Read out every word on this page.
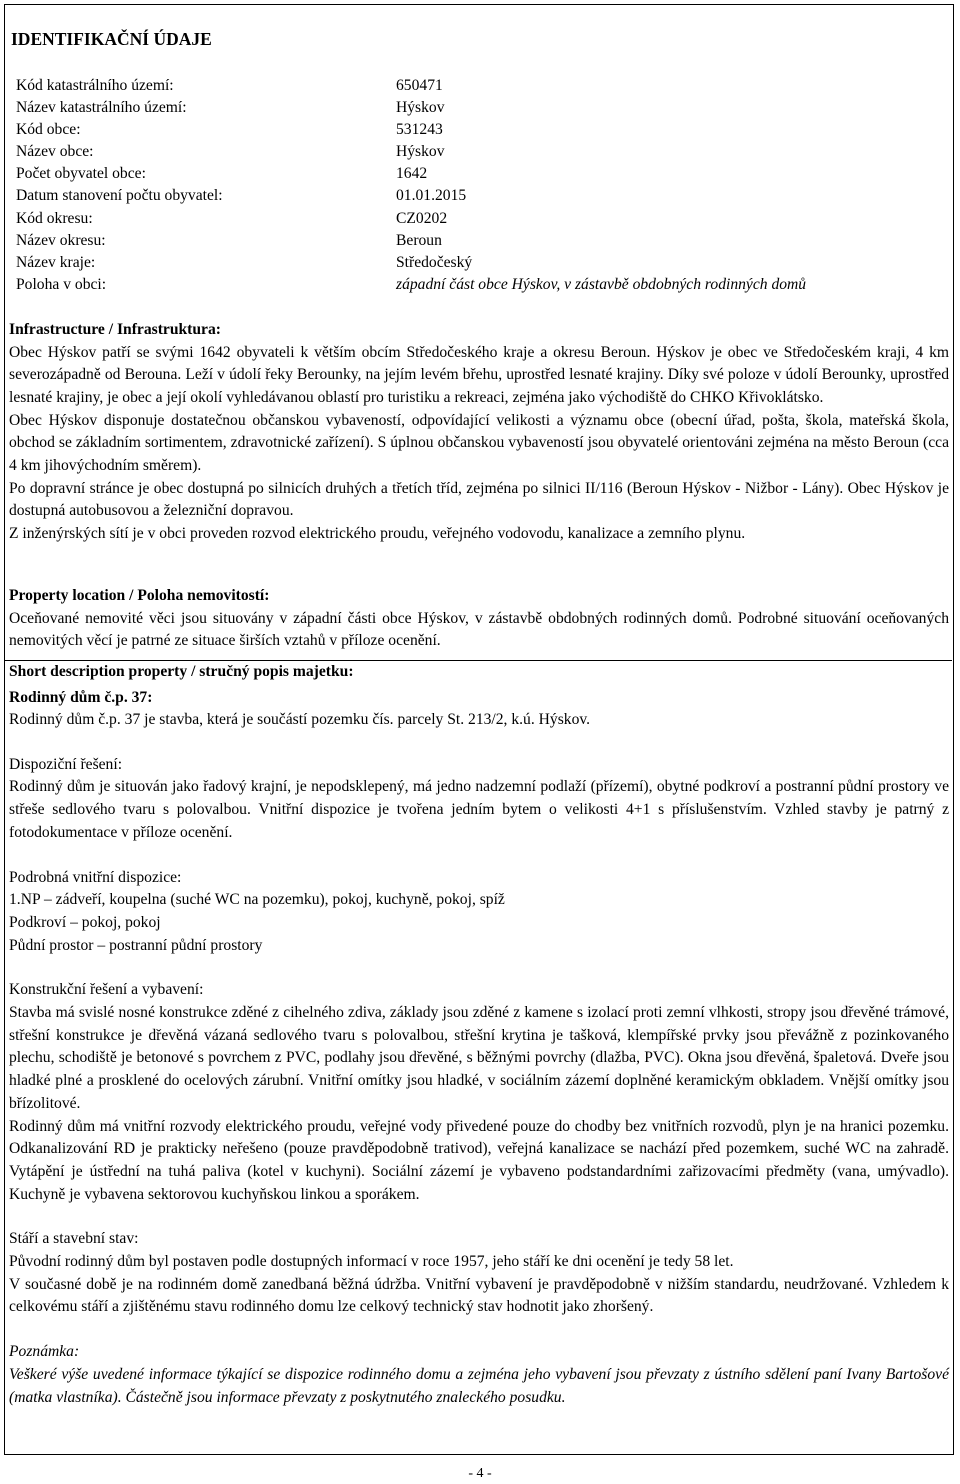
IDENTIFIKAČNÍ ÚDAJE
Kód katastrálního území:	650471
Název katastrálního území:	Hýskov
Kód obce:	531243
Název obce:	Hýskov
Počet obyvatel obce:	1642
Datum stanovení počtu obyvatel:	01.01.2015
Kód okresu:	CZ0202
Název okresu:	Beroun
Název kraje:	Středočeský
Poloha v obci:	západní část obce Hýskov, v zástavbě obdobných rodinných domů
Infrastructure / Infrastruktura:

Obec Hýskov patří se svými 1642 obyvateli k větším obcím Středočeského kraje a okresu Beroun. Hýskov je obec ve Středočeském kraji, 4 km severozápadně od Berouna. Leží v údolí řeky Berounky, na jejím levém břehu, uprostřed lesnaté krajiny. Díky své poloze v údolí Berounky, uprostřed lesnaté krajiny, je obec a její okolí vyhledávanou oblastí pro turistiku a rekreaci, zejména jako východiště do CHKO Křivoklátsko.

Obec Hýskov disponuje dostatečnou občanskou vybaveností, odpovídající velikosti a významu obce (obecní úřad, pošta, škola, mateřská škola, obchod se základním sortimentem, zdravotnické zařízení). S úplnou občanskou vybaveností jsou obyvatelé orientováni zejména na město Beroun (cca 4 km jihovýchodním směrem).

Po dopravní stránce je obec dostupná po silnicích druhých a třetích tříd, zejména po silnici II/116 (Beroun Hýskov - Nižbor - Lány). Obec Hýskov je dostupná autobusovou a železniční dopravou.

Z inženýrských sítí je v obci proveden rozvod elektrického proudu, veřejného vodovodu, kanalizace a zemního plynu.

Property location / Poloha nemovitostí:

Oceňované nemovité věci jsou situovány v západní části obce Hýskov, v zástavbě obdobných rodinných domů. Podrobné situování oceňovaných nemovitých věcí je patrné ze situace širších vztahů v příloze ocenění.

Short description property / stručný popis majetku:

Rodinný dům č.p. 37:

Rodinný dům č.p. 37 je stavba, která je součástí pozemku čís. parcely St. 213/2, k.ú. Hýskov.

Dispoziční řešení:

Rodinný dům je situován jako řadový krajní, je nepodsklepený, má jedno nadzemní podlaží (přízemí), obytné podkroví a postranní půdní prostory ve střeše sedlového tvaru s polovalbou. Vnitřní dispozice je tvořena jedním bytem o velikosti 4+1 s příslušenstvím. Vzhled stavby je patrný z fotodokumentace v příloze ocenění.

Podrobná vnitřní dispozice:

1.NP – zádveří, koupelna (suché WC na pozemku), pokoj, kuchyně, pokoj, spíž

Podkroví – pokoj, pokoj

Půdní prostor – postranní půdní prostory

Konstrukční řešení a vybavení:

Stavba má svislé nosné konstrukce zděné z cihelného zdiva, základy jsou zděné z kamene s izolací proti zemní vlhkosti, stropy jsou dřevěné trámové, střešní konstrukce je dřevěná vázaná sedlového tvaru s polovalbou, střešní krytina je tašková, klempířské prvky jsou převážně z pozinkovaného plechu, schodiště je betonové s povrchem z PVC, podlahy jsou dřevěné, s běžnými povrchy (dlažba, PVC). Okna jsou dřevěná, špaletová. Dveře jsou hladké plné a prosklené do ocelových zárubní. Vnitřní omítky jsou hladké, v sociálním zázemí doplněné keramickým obkladem. Vnější omítky jsou břízolitové.

Rodinný dům má vnitřní rozvody elektrického proudu, veřejné vody přivedené pouze do chodby bez vnitřních rozvodů, plyn je na hranici pozemku. Odkanalizování RD je prakticky neřešeno (pouze pravděpodobně trativod), veřejná kanalizace se nachází před pozemkem, suché WC na zahradě. Vytápění je ústřední na tuhá paliva (kotel v kuchyni). Sociální zázemí je vybaveno podstandardními zařizovacími předměty (vana, umývadlo). Kuchyně je vybavena sektorovou kuchyňskou linkou a sporákem.

Stáří a stavební stav:

Původní rodinný dům byl postaven podle dostupných informací v roce 1957, jeho stáří ke dni ocenění je tedy 58 let.

V současné době je na rodinném domě zanedbaná běžná údržba. Vnitřní vybavení je pravděpodobně v nižším standardu, neudržované. Vzhledem k celkovému stáří a zjištěnému stavu rodinného domu lze celkový technický stav hodnotit jako zhoršený.

Poznámka:

Veškeré výše uvedené informace týkající se dispozice rodinného domu a zejména jeho vybavení jsou převzaty z ústního sdělení paní Ivany Bartošové (matka vlastníka). Částečně jsou informace převzaty z poskytnutého znaleckého posudku.

- 4 -
